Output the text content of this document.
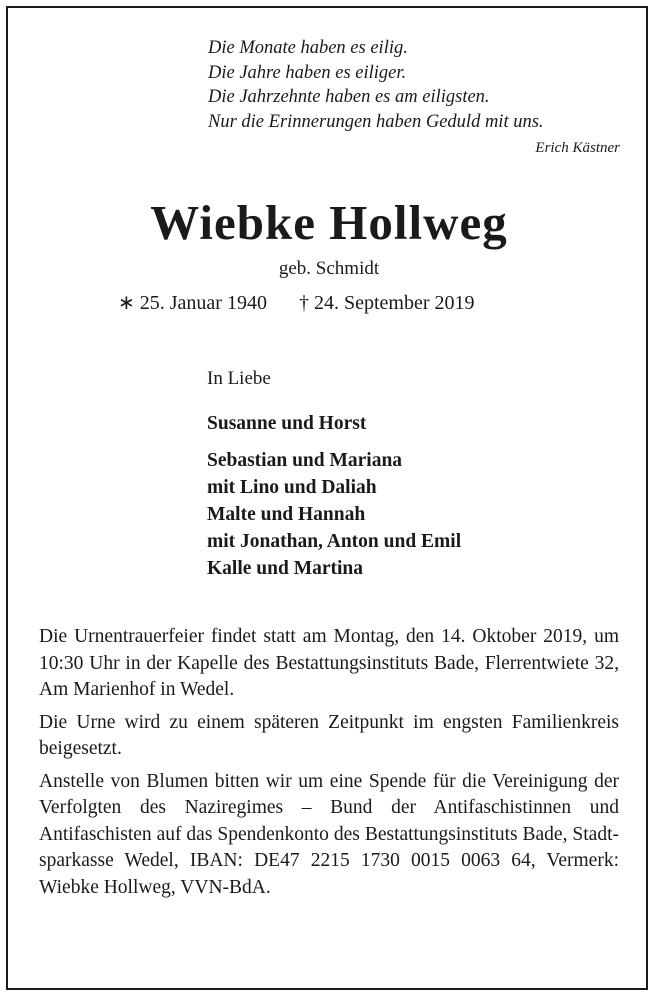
Die Monate haben es eilig.
Die Jahre haben es eiliger.
Die Jahrzehnte haben es am eiligsten.
Nur die Erinnerungen haben Geduld mit uns.
Erich Kästner
Wiebke Hollweg
geb. Schmidt
∗ 25. Januar 1940 † 24. September 2019
In Liebe
Susanne und Horst
Sebastian und Mariana
mit Lino und Daliah
Malte und Hannah
mit Jonathan, Anton und Emil
Kalle und Martina

Die Urnentrauerfeier findet statt am Montag, den 14. Oktober 2019, um 10:30 Uhr in der Kapelle des Bestattungsinstituts Bade, Flerrentwiete 32, Am Marienhof in Wedel.

Die Urne wird zu einem späteren Zeitpunkt im engsten Familienkreis beigesetzt.

Anstelle von Blumen bitten wir um eine Spende für die Vereinigung der Verfolgten des Naziregimes – Bund der Antifaschistinnen und Antifaschisten auf das Spendenkonto des Bestattungsinstituts Bade, Stadt-sparkasse Wedel, IBAN: DE47 2215 1730 0015 0063 64, Vermerk: Wiebke Hollweg, VVN-BdA.
